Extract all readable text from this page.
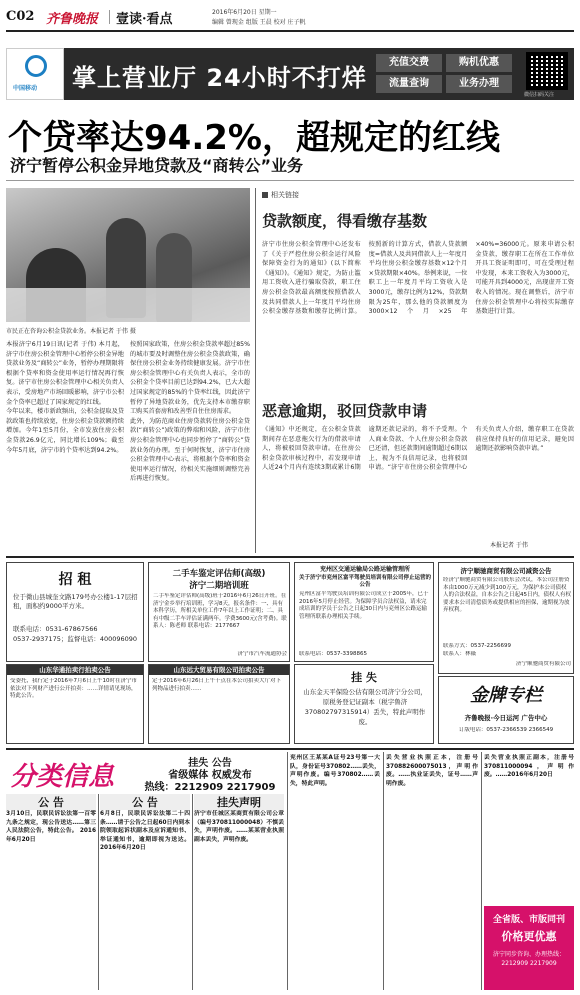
C02 齐鲁晚报 壹读·看点	2016年6月20日 星期一
编辑 曾现金 组版 王晨 校对 庄子帆
中国移动 掌上营业厅 24小时不打烊
充值交费	购机优惠
流量查询	业务办理
微信扫码关注
个贷率达94.2%，超规定的红线
济宁暂停公积金异地贷款及“商转公”业务
市民正在咨询公积金贷款业务。本报记者 于伟 摄
本报济宁6月19日讯(记者 于伟) 本月起，济宁市住房公积金管理中心暂停公积金异地贷款业务及“商转公”业务，暂停办理期限将根据个贷率和资金使用率运行情况再行恢复。济宁市住房公积金管理中心相关负责人表示，受房地产市场回暖影响，济宁市公积金个贷率已超过了国家规定的红线。
今年以来，楼市新政频出，公积金提取及贷款政策也持续放宽，住房公积金贷款额持续增加。今年1至5月份，全市发放住房公积金贷款26.9亿元，同比增长109%；截至今年5月底，济宁市的个贷率达到94.2%。
按照国家政策，住房公积金贷款率超过85%的城市要及时调整住房公积金贷款政策，确保住房公积金业务持续健康发展。济宁市住房公积金管理中心有关负责人表示，全市的公积金个贷率目前已达到94.2%，已大大超过国家规定的85%的个贷率红线，因此济宁暂停了异地贷款业务，优先支持本市缴存职工购买首套房和改善型自住住房需求。
此外，为防范商业住房贷款转住房公积金贷款(“商转公”)政策的弊端和风险，济宁市住房公积金管理中心也同步暂停了“商转公”贷款业务的办理。至于何时恢复，济宁市住房公积金管理中心表示，将根据个贷率和资金使用率运行情况，待相关实施细则调整完善后再进行恢复。
相关链接
贷款额度，得看缴存基数
济宁市住房公积金管理中心还发布了《关于严控住房公积金运行风险保障资金行为的通知》(以下简称《通知》)。《通知》规定，为防止滥用工资收入进行骗取贷款，职工住房公积金贷款最高额度按照借款人及共同借款人上一年度月平均住房公积金缴存基数和缴存比例计算。按照新的计算方式，借款人贷款额度=借款人及共同借款人上一年度月平均住房公积金缴存基数×12个月×贷款期限×40%。举例来说，一位职工上一年度月平均工资收入是3000元，缴存比例为12%，贷款期限为25年，那么他的贷款额度为3000×12个月×25年×40%=36000元。原来申请公积金贷款，缴存职工在所在工作单位开具工资证明即可，可在受理过程中发现，本来工资收入为3000元，可能开具到4000元，出现虚开工资收入的情况。现在调整后，济宁市住房公积金管理中心将按实际缴存基数进行计算。
恶意逾期，驳回贷款申请
《通知》中还规定，在公积金贷款期间存在恶意拖欠行为的借款申请人，将被驳回贷款申请。在住房公积金贷款审核过程中，若发现申请人近24个月内有连续3期或累计6期逾期还款记录的，将不予受理。个人商业贷款、个人住房公积金贷款已还清，但还款期间逾期超过6期以上，视为不良信用记录，也将驳回申请。“济宁市住房公积金管理中心有关负责人介绍，缴存职工在贷款前应保持良好的信用记录，避免因逾期还款影响贷款申请。”
本报记者 于伟
招 租
位于微山县城奎文路179号办公楼1-17层招租，面积约9000平方米。
联系电话：0531-67867566
0537-2937175；监督电话：400096090
山东华通拍卖行拍卖公告
受委托，我行定于2016年7月6日上午10时在济宁市依法对下列财产进行公开拍卖：……详情请见现场，特此公告。
二手车鉴定评估师(高级)
济宁二期培训班
二手车鉴定评估师(高级)班于2016年6月26日开班。在济宁金乡举行培训班，学习8天，报名条件：一、具有本科学历，所相关单位工作7年以上工作证明；二、具有中级二手车评估证满两年。学费3600元(含考费)。联系人：陈老师 联系电话：2177667
济宁市汽车流通协会
山东远大贸易有限公司拍卖公告
定于2016年6月26日上午十点在本公司拍卖大厅对下列物品进行拍卖……
兖州区交通运输局公路运输管理所
关于济宁市兖州区富平驾驶员培训有限公司停止运营的公告
兖州区富平驾驶员培训有限公司成立于2005年，已于2016年5月停止经营。为保障学员合法权益，请未完成培训的学员于公告之日起30日内与兖州区公路运输管理所联系办理相关手续。
联系电话：0537-3398865
挂 失
山东金天平保险公估有限公司济宁分公司，原税务登记证副本（税字鲁济370802797315914）丢失，特此声明作废。
济宁顺驰商贸有限公司减资公告
经济宁顺驰商贸有限公司股东会决议，本公司注册资本由1000万元减少到100万元，为保护本公司债权人的合法权益，自本公告之日起45日内，债权人有权要求本公司清偿债务或提供相应的担保，逾期视为放弃权利。
联系方式：0537-2256699
联系人：林薇
济宁顺驰商贸有限公司
金牌专栏
齐鲁晚报·今日运河 广告中心
订版电话：0537-2366539 2366549
分类信息	挂失 公告
省级媒体 权威发布
热线：2212909 2217909
公 告	公 告	挂失声明
3月10日，民联民诉讼法第一百零九条之规定，现公告送达……第三人民法院公告，特此公告。 2016年6月20日
6月8日，民联民诉讼法第二十四条……请于公告之日起60日内到本院领取起诉状副本及应诉通知书、举证通知书，逾期即视为送达。 2016年6月20日
济宁市任城区某商贸有限公司公章（编号370811000048）不慎丢失，声明作废。……某某营业执照副本丢失，声明作废。
兖州区王某某A证号23号第一大队，身份证号370802……丢失，声明作废。编号370802……丢失，特此声明。
丢失营业执照正本，注册号370882600075013，声明作废。……执业证丢失，证号……声明作废。
丢失营业执照正副本，注册号370811000094，声明作废。……2016年6月20日
全省版、市版同刊
价格更优惠
济宁同步咨询、办理热线：2212909 2217909
